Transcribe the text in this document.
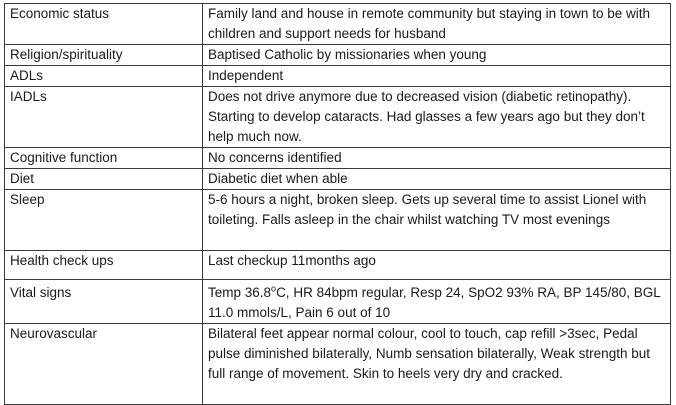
Economic status	Family land and house in remote community but staying in town to be with children and support needs for husband
Religion/spirituality	Baptised Catholic by missionaries when young
ADLs	Independent
IADLs	Does not drive anymore due to decreased vision (diabetic retinopathy). Starting to develop cataracts. Had glasses a few years ago but they don’t help much now.
Cognitive function	No concerns identified
Diet	Diabetic diet when able
Sleep	5-6 hours a night, broken sleep. Gets up several time to assist Lionel with toileting. Falls asleep in the chair whilst watching TV most evenings
Health check ups	Last checkup 11months ago
Vital signs	Temp 36.8$^o$C, HR 84bpm regular, Resp 24, SpO2 93% RA, BP 145/80, BGL 11.0 mmols/L, Pain 6 out of 10
Neurovascular	Bilateral feet appear normal colour, cool to touch, cap refill >3sec, Pedal pulse diminished bilaterally, Numb sensation bilaterally, Weak strength but full range of movement. Skin to heels very dry and cracked.
